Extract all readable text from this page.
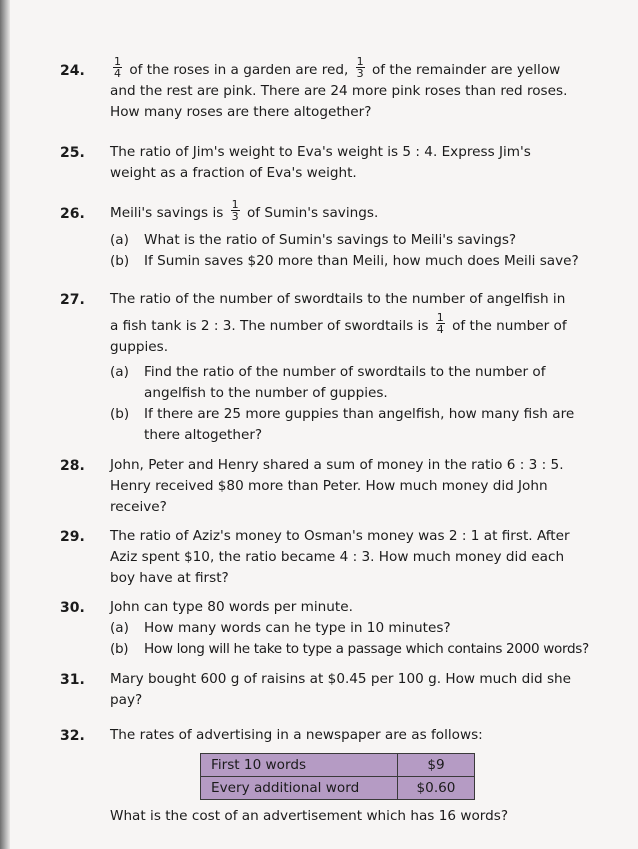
24.	$\frac{1}{4}$ of the roses in a garden are red, $\frac{1}{3}$ of the remainder are yellow
and the rest are pink. There are 24 more pink roses than red roses.
How many roses are there altogether?
25. The ratio of Jim's weight to Eva's weight is 5 : 4. Express Jim's
weight as a fraction of Eva's weight.
26. Meili's savings is $\frac{1}{3}$ of Sumin's savings.
(a) What is the ratio of Sumin's savings to Meili's savings?
(b) If Sumin saves $20 more than Meili, how much does Meili save?
27. The ratio of the number of swordtails to the number of angelfish in
a fish tank is 2 : 3. The number of swordtails is $\frac{1}{4}$ of the number of
guppies.
(a) Find the ratio of the number of swordtails to the number of
angelfish to the number of guppies.
(b) If there are 25 more guppies than angelfish, how many fish are
there altogether?
28. John, Peter and Henry shared a sum of money in the ratio 6 : 3 : 5.
Henry received $80 more than Peter. How much money did John
receive?
29. The ratio of Aziz's money to Osman's money was 2 : 1 at first. After
Aziz spent $10, the ratio became 4 : 3. How much money did each
boy have at first?
30. John can type 80 words per minute.
(a) How many words can he type in 10 minutes?
(b) How long will he take to type a passage which contains 2000 words?
31. Mary bought 600 g of raisins at $0.45 per 100 g. How much did she
pay?
32. The rates of advertising in a newspaper are as follows:
First 10 words	$9
Every additional word	$0.60
What is the cost of an advertisement which has 16 words?
